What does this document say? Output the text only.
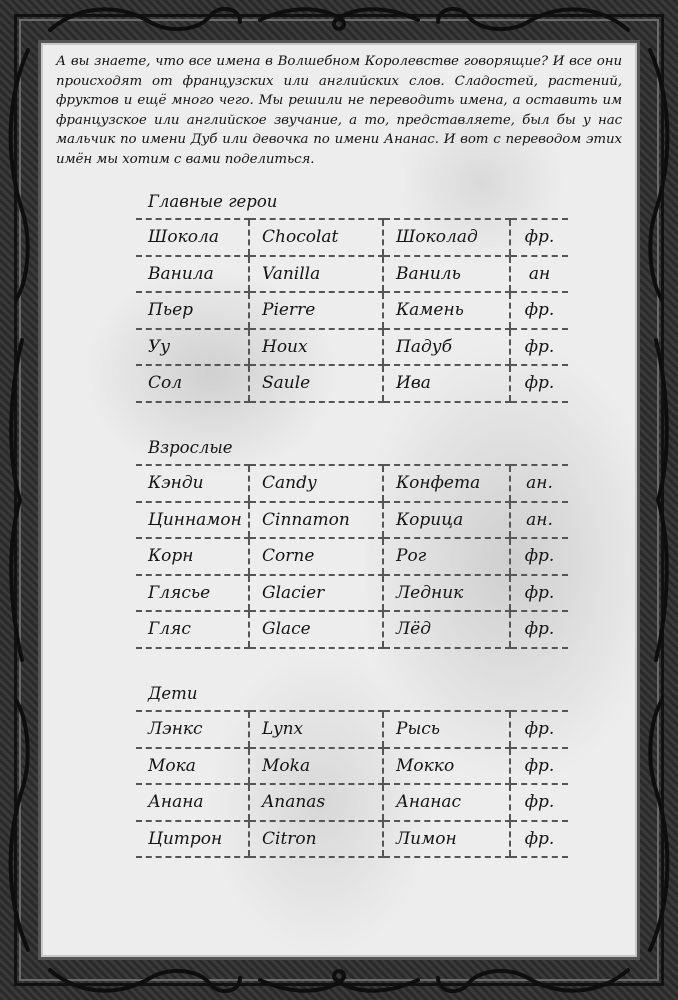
А вы знаете, что все имена в Волшебном Королевстве говорящие? И все они происходят от французских или английских слов. Сладостей, растений, фруктов и ещё много чего. Мы решили не переводить имена, а оставить им французское или английское звучание, а то, представляете, был бы у нас мальчик по имени Дуб или девочка по имени Ананас. И вот с переводом этих имён мы хотим с вами поделиться.

Главные герои
Шокола	Chocolat	Шоколад	фр.
Ванила	Vanilla	Ваниль	ан
Пьер	Pierre	Камень	фр.
Уу	Houx	Падуб	фр.
Сол	Saule	Ива	фр.
Взрослые
Кэнди	Candy	Конфета	ан.
Циннамон	Cinnamon	Корица	ан.
Корн	Corne	Рог	фр.
Глясье	Glacier	Ледник	фр.
Гляс	Glace	Лёд	фр.
Дети
Лэнкс	Lynx	Рысь	фр.
Мока	Moka	Мокко	фр.
Анана	Ananas	Ананас	фр.
Цитрон	Citron	Лимон	фр.
